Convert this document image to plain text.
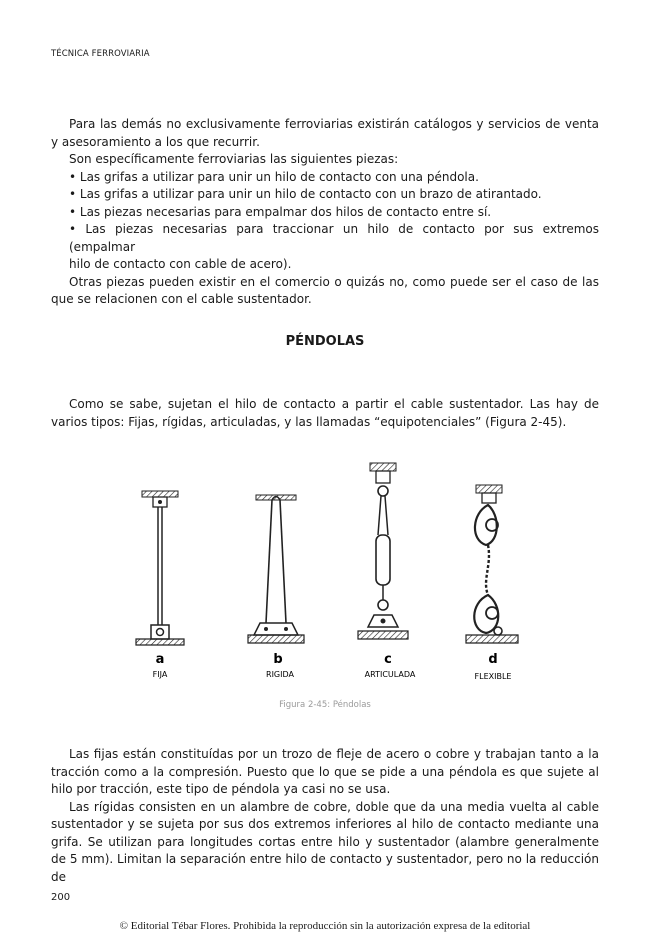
TÉCNICA FERROVIARIA

Para las demás no exclusivamente ferroviarias existirán catálogos y servicios de venta y asesoramiento a los que recurrir.

Son específicamente ferroviarias las siguientes piezas:

• Las grifas a utilizar para unir un hilo de contacto con una péndola.

• Las grifas a utilizar para unir un hilo de contacto con un brazo de atirantado.

• Las piezas necesarias para empalmar dos hilos de contacto entre sí.

• Las piezas necesarias para traccionar un hilo de contacto por sus extremos (empalmar

hilo de contacto con cable de acero).

Otras piezas pueden existir en el comercio o quizás no, como puede ser el caso de las que se relacionen con el cable sustentador.

PÉNDOLAS

Como se sabe, sujetan el hilo de contacto a partir el cable sustentador. Las hay de varios tipos: Fijas, rígidas, articuladas, y las llamadas “equipotenciales” (Figura 2-45).

a	b	c	d
FIJA	RIGIDA	ARTICULADA	FLEXIBLE
Figura 2-45: Péndolas

Las fijas están constituídas por un trozo de fleje de acero o cobre y trabajan tanto a la tracción como a la compresión. Puesto que lo que se pide a una péndola es que sujete al hilo por tracción, este tipo de péndola ya casi no se usa.

Las rígidas consisten en un alambre de cobre, doble que da una media vuelta al cable sustentador y se sujeta por sus dos extremos inferiores al hilo de contacto mediante una grifa. Se utilizan para longitudes cortas entre hilo y sustentador (alambre generalmente de 5 mm). Limitan la separación entre hilo de contacto y sustentador, pero no la reducción de

200
© Editorial Tébar Flores. Prohibida la reproducción sin la autorización expresa de la editorial
